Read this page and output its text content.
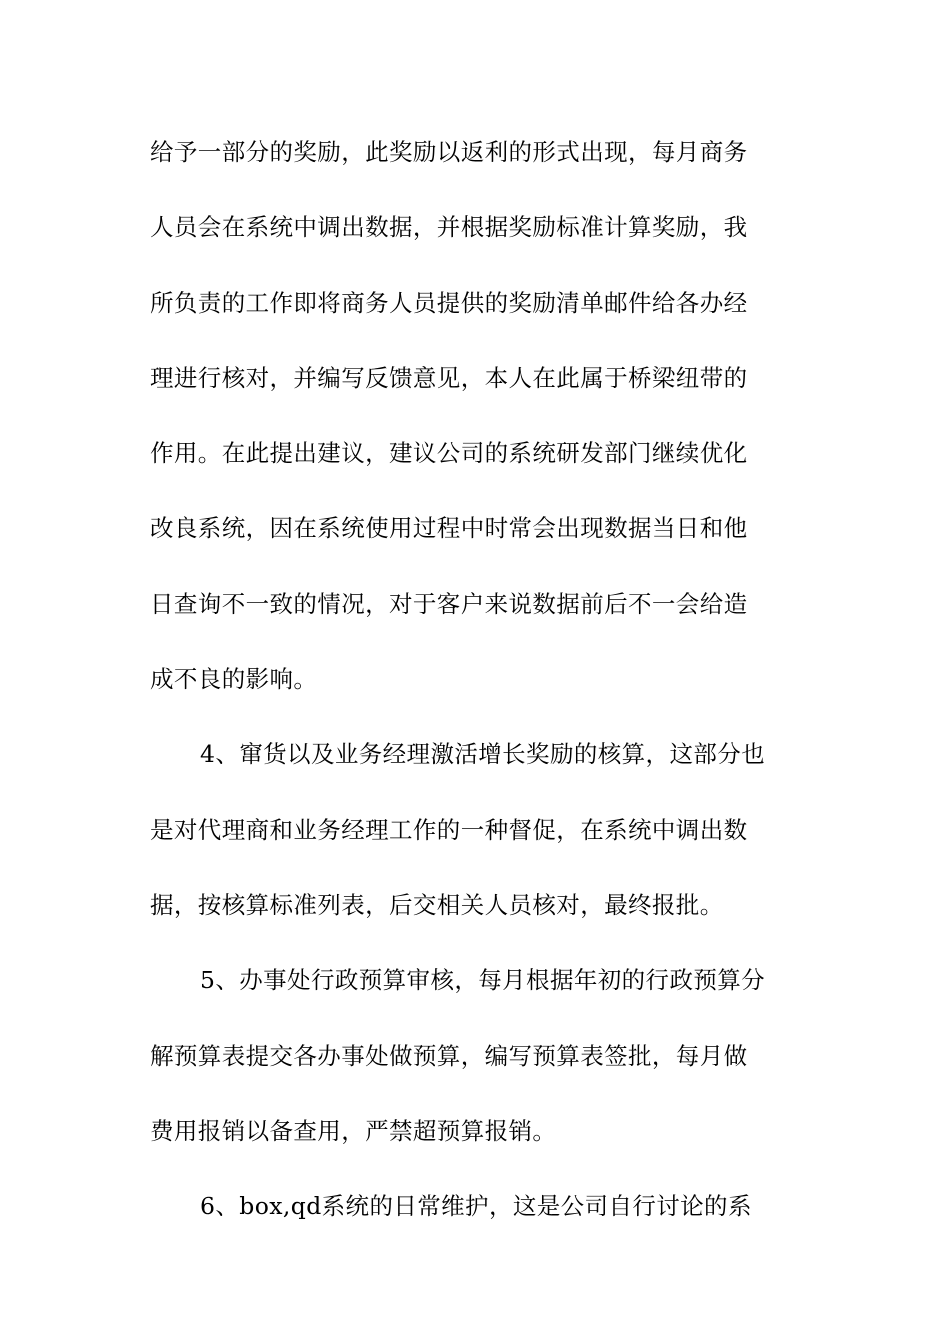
给予一部分的奖励，此奖励以返利的形式出现，每月商务
人员会在系统中调出数据，并根据奖励标准计算奖励，我
所负责的工作即将商务人员提供的奖励清单邮件给各办经
理进行核对，并编写反馈意见，本人在此属于桥梁纽带的
作用。在此提出建议，建议公司的系统研发部门继续优化
改良系统，因在系统使用过程中时常会出现数据当日和他
日查询不一致的情况，对于客户来说数据前后不一会给造
成不良的影响。
4、窜货以及业务经理激活增长奖励的核算，这部分也
是对代理商和业务经理工作的一种督促，在系统中调出数
据，按核算标准列表，后交相关人员核对，最终报批。
5、办事处行政预算审核，每月根据年初的行政预算分
解预算表提交各办事处做预算，编写预算表签批，每月做
费用报销以备查用，严禁超预算报销。
6、box,qd系统的日常维护，这是公司自行讨论的系
